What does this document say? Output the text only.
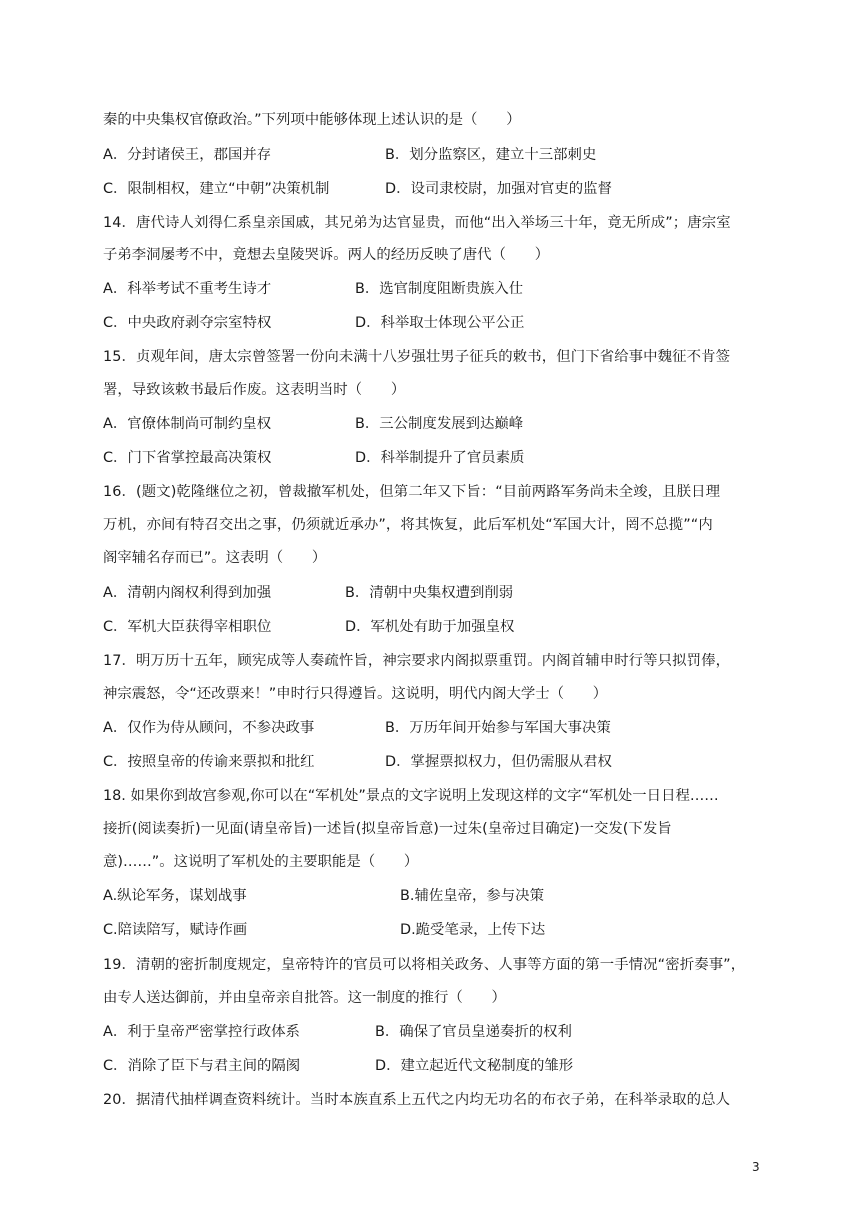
秦的中央集权官僚政治。”下列项中能够体现上述认识的是（　　）
A．分封诸侯王，郡国并存	B．划分监察区，建立十三部刺史
C．限制相权，建立“中朝”决策机制	D．设司隶校尉，加强对官吏的监督
14．唐代诗人刘得仁系皇亲国戚，其兄弟为达官显贵，而他“出入举场三十年，竟无所成”；唐宗室
子弟李洞屡考不中，竟想去皇陵哭诉。两人的经历反映了唐代（　　）
A．科举考试不重考生诗才	B．选官制度阻断贵族入仕
C．中央政府剥夺宗室特权	D．科举取士体现公平公正
15．贞观年间，唐太宗曾签署一份向未满十八岁强壮男子征兵的敕书，但门下省给事中魏征不肯签
署，导致该敕书最后作废。这表明当时（　　）
A．官僚体制尚可制约皇权	B．三公制度发展到达巅峰
C．门下省掌控最高决策权	D．科举制提升了官员素质
16．(题文)乾隆继位之初，曾裁撤军机处，但第二年又下旨：“目前两路军务尚未全竣，且朕日理
万机，亦间有特召交出之事，仍须就近承办”，将其恢复，此后军机处“军国大计，罔不总揽”“内
阁宰辅名存而已”。这表明（　　）
A．清朝内阁权利得到加强	B．清朝中央集权遭到削弱
C．军机大臣获得宰相职位	D．军机处有助于加强皇权
17．明万历十五年，顾宪成等人奏疏忤旨，神宗要求内阁拟票重罚。内阁首辅申时行等只拟罚俸，
神宗震怒，令“还改票来！”申时行只得遵旨。这说明，明代内阁大学士（　　）
A．仅作为侍从顾问，不参决政事	B．万历年间开始参与军国大事决策
C．按照皇帝的传谕来票拟和批红	D．掌握票拟权力，但仍需服从君权
18. 如果你到故宫参观,你可以在“军机处”景点的文字说明上发现这样的文字“军机处一日日程……
接折(阅读奏折)一见面(请皇帝旨)一述旨(拟皇帝旨意)一过朱(皇帝过目确定)一交发(下发旨
意)……”。这说明了军机处的主要职能是（　　）
A.纵论军务，谋划战事	B.辅佐皇帝，参与决策
C.陪读陪写，赋诗作画	D.跪受笔录，上传下达
19．清朝的密折制度规定，皇帝特许的官员可以将相关政务、人事等方面的第一手情况“密折奏事”，
由专人送达御前，并由皇帝亲自批答。这一制度的推行（　　）
A．利于皇帝严密掌控行政体系	B．确保了官员皇递奏折的权利
C．消除了臣下与君主间的隔阂	D．建立起近代文秘制度的雏形
20．据清代抽样调查资料统计。当时本族直系上五代之内均无功名的布衣子弟，在科举录取的总人
3
